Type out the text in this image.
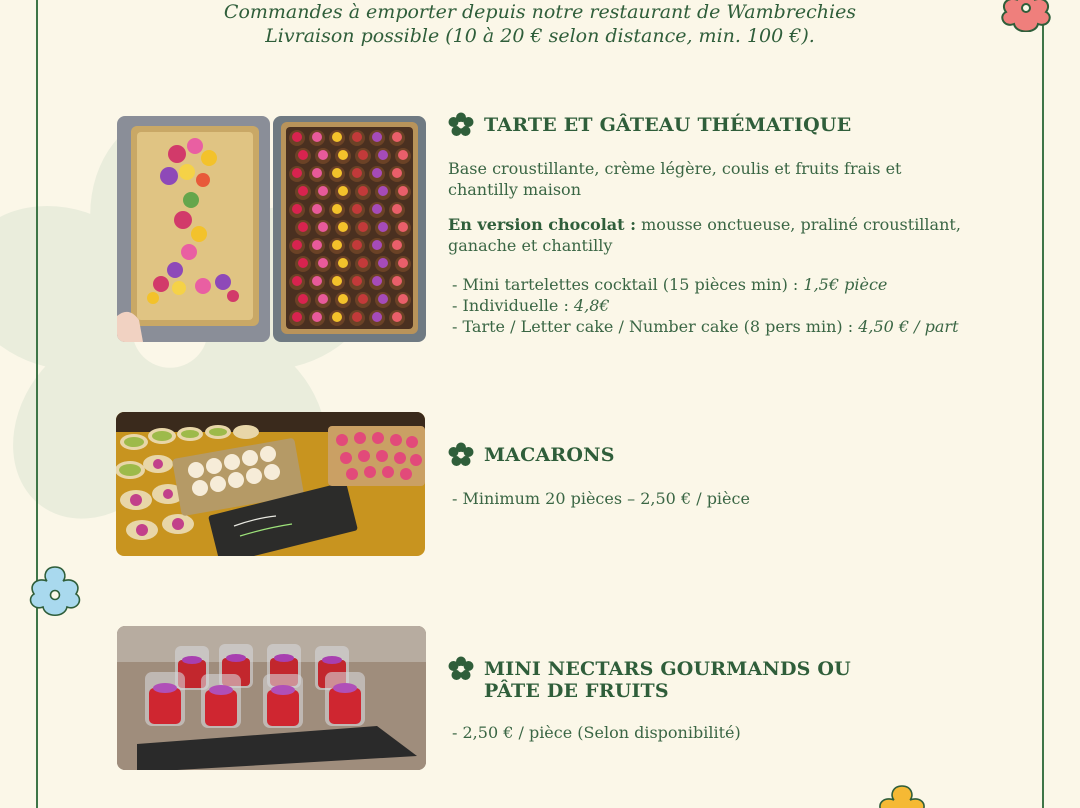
Commandes à emporter depuis notre restaurant de Wambrechies
Livraison possible (10 à 20 € selon distance, min. 100 €).
TARTE ET GÂTEAU THÉMATIQUE

Base croustillante, crème légère, coulis et fruits frais et chantilly maison

En version chocolat : mousse onctueuse, praliné croustillant, ganache et chantilly

- Mini tartelettes cocktail (15 pièces min) : 1,5€ pièce
- Individuelle : 4,8€
- Tarte / Letter cake / Number cake (8 pers min) : 4,50 € / part
MACARONS
- Minimum 20 pièces – 2,50 € / pièce
MINI NECTARS GOURMANDS OU
PÂTE DE FRUITS
- 2,50 € / pièce (Selon disponibilité)
